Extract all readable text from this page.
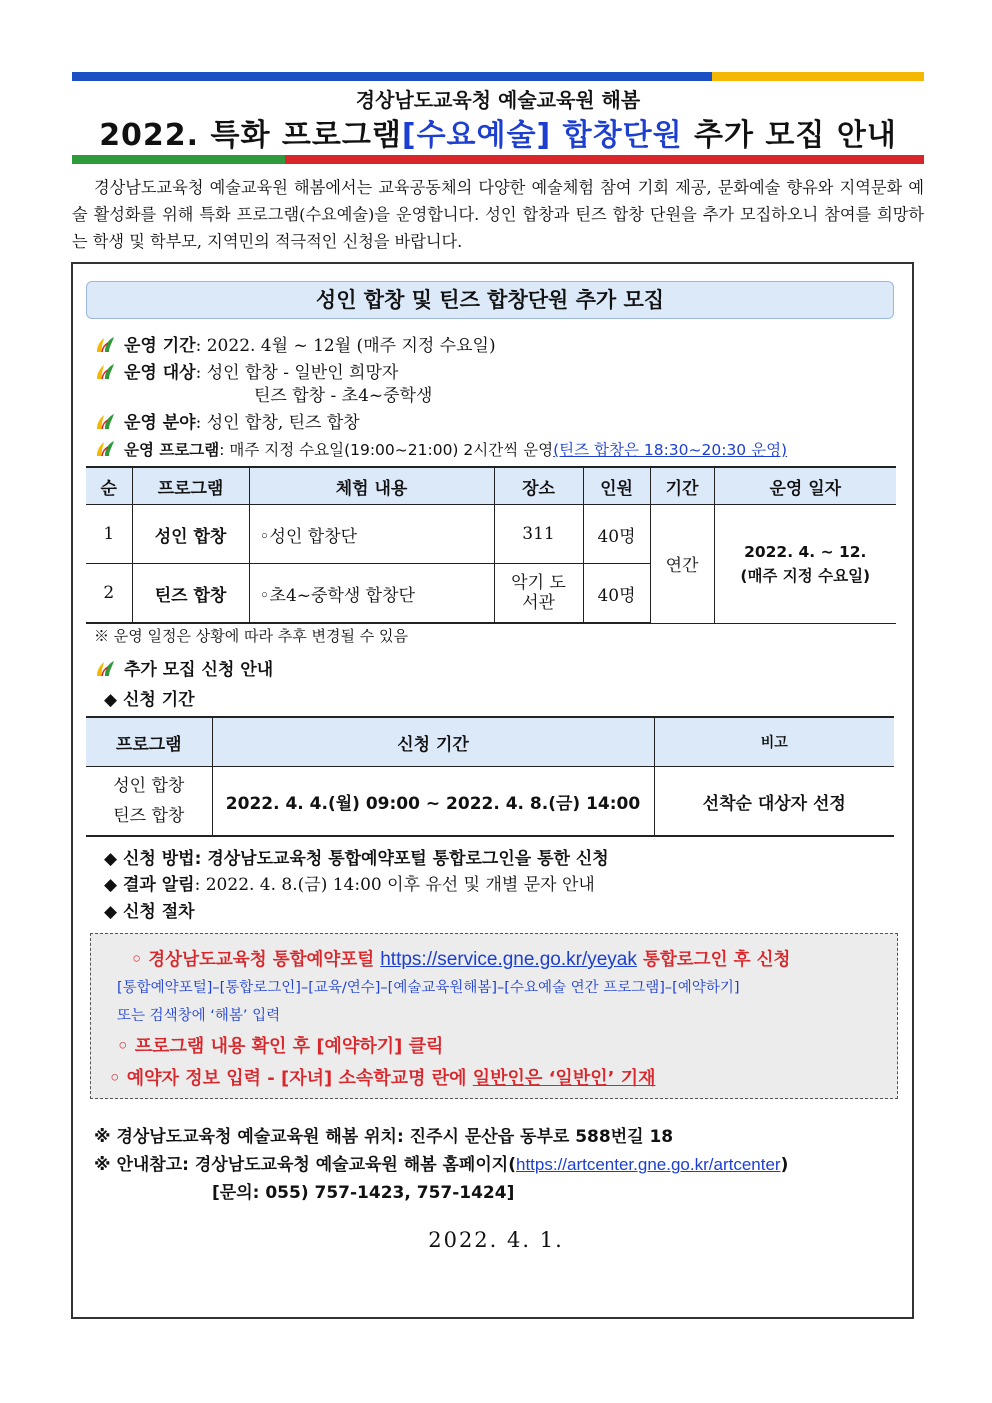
경상남도교육청 예술교육원 해봄
2022. 특화 프로그램[수요예술] 합창단원 추가 모집 안내
경상남도교육청 예술교육원 해봄에서는 교육공동체의 다양한 예술체험 참여 기회 제공, 문화예술 향유와 지역문화 예술 활성화를 위해 특화 프로그램(수요예술)을 운영합니다. 성인 합창과 틴즈 합창 단원을 추가 모집하오니 참여를 희망하는 학생 및 학부모, 지역민의 적극적인 신청을 바랍니다.
성인 합창 및 틴즈 합창단원 추가 모집
운영 기간: 2022. 4월 ~ 12월 (매주 지정 수요일)
운영 대상: 성인 합창 - 일반인 희망자
틴즈 합창 - 초4~중학생
운영 분야: 성인 합창, 틴즈 합창
운영 프로그램: 매주 지정 수요일(19:00~21:00) 2시간씩 운영(틴즈 합창은 18:30~20:30 운영)
순	프로그램	체험 내용	장소	인원	기간	운영 일자
1	성인 합창	◦성인 합창단	311	40명	연간	2022. 4. ~ 12.
(매주 지정 수요일)
2	틴즈 합창	◦초4~중학생 합창단	악기 도서관	40명		
※ 운영 일정은 상황에 따라 추후 변경될 수 있음
추가 모집 신청 안내
◆ 신청 기간
프로그램	신청 기간	비고
성인 합창
틴즈 합창	2022. 4. 4.(월) 09:00 ~ 2022. 4. 8.(금) 14:00	선착순 대상자 선정
◆ 신청 방법: 경상남도교육청 통합예약포털 통합로그인을 통한 신청
◆ 결과 알림: 2022. 4. 8.(금) 14:00 이후 유선 및 개별 문자 안내
◆ 신청 절차
◦ 경상남도교육청 통합예약포털 https://service.gne.go.kr/yeyak 통합로그인 후 신청
[통합예약포털]–[통합로그인]–[교육/연수]–[예술교육원해봄]–[수요예술 연간 프로그램]–[예약하기]
또는 검색창에 ‘해봄’ 입력
◦ 프로그램 내용 확인 후 [예약하기] 클릭
◦ 예약자 정보 입력 - [자녀] 소속학교명 란에 일반인은 ‘일반인’ 기재
※ 경상남도교육청 예술교육원 해봄 위치: 진주시 문산읍 동부로 588번길 18
※ 안내참고: 경상남도교육청 예술교육원 해봄 홈페이지(https://artcenter.gne.go.kr/artcenter)
[문의: 055) 757-1423, 757-1424]
2022. 4. 1.
